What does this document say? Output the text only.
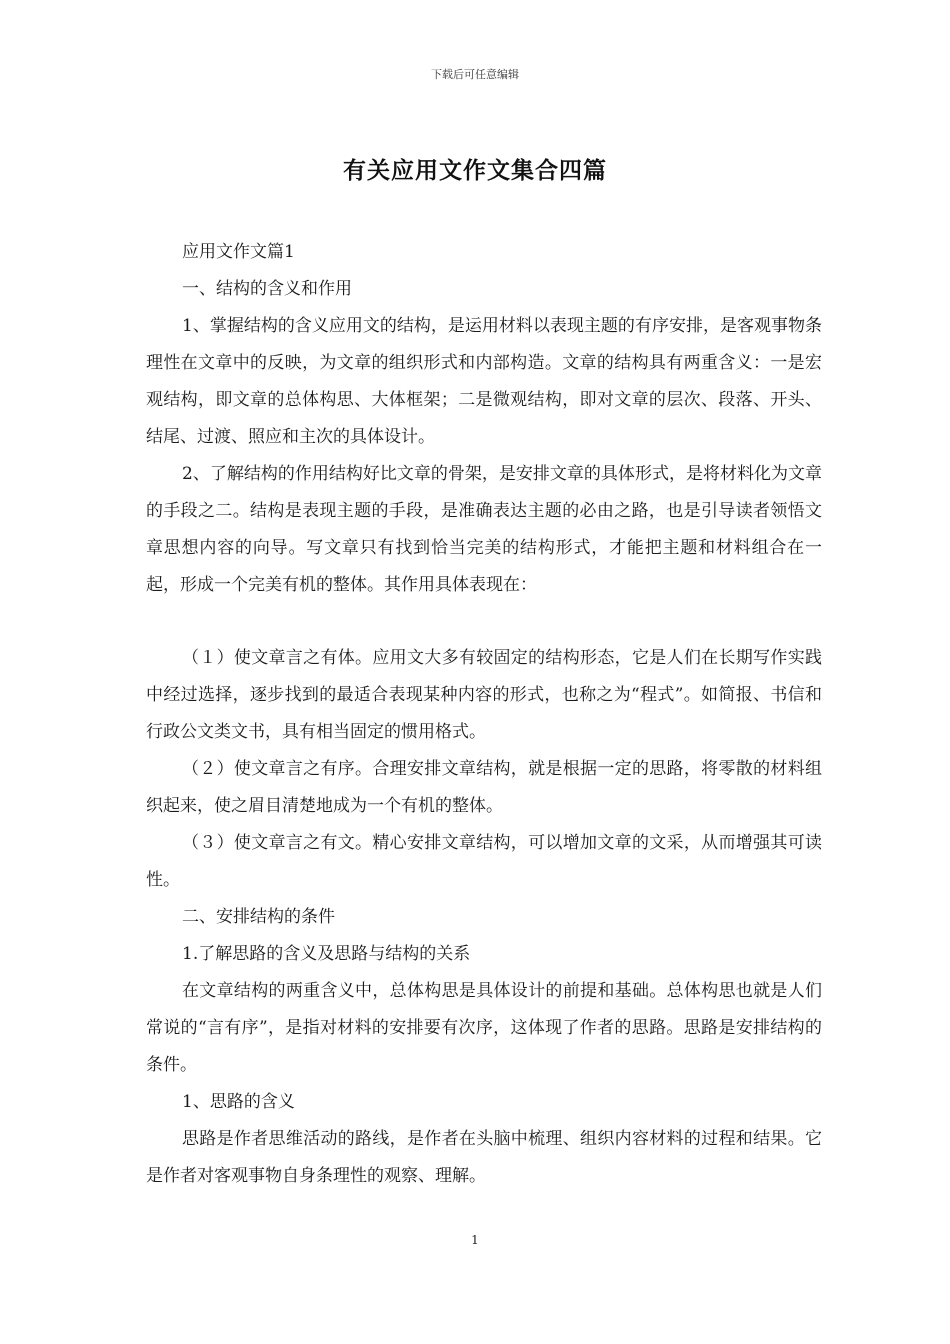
下载后可任意编辑
有关应用文作文集合四篇

应用文作文篇1

一、结构的含义和作用

1、掌握结构的含义应用文的结构，是运用材料以表现主题的有序安排，是客观事物条理性在文章中的反映，为文章的组织形式和内部构造。文章的结构具有两重含义：一是宏观结构，即文章的总体构思、大体框架；二是微观结构，即对文章的层次、段落、开头、结尾、过渡、照应和主次的具体设计。

2、了解结构的作用结构好比文章的骨架，是安排文章的具体形式，是将材料化为文章的手段之二。结构是表现主题的手段，是准确表达主题的必由之路，也是引导读者领悟文章思想内容的向导。写文章只有找到恰当完美的结构形式，才能把主题和材料组合在一起，形成一个完美有机的整体。其作用具体表现在：

（１）使文章言之有体。应用文大多有较固定的结构形态，它是人们在长期写作实践中经过选择，逐步找到的最适合表现某种内容的形式，也称之为“程式”。如简报、书信和行政公文类文书，具有相当固定的惯用格式。

（２）使文章言之有序。合理安排文章结构，就是根据一定的思路，将零散的材料组织起来，使之眉目清楚地成为一个有机的整体。

（３）使文章言之有文。精心安排文章结构，可以增加文章的文采，从而增强其可读性。

二、安排结构的条件

1.了解思路的含义及思路与结构的关系

在文章结构的两重含义中，总体构思是具体设计的前提和基础。总体构思也就是人们常说的“言有序”，是指对材料的安排要有次序，这体现了作者的思路。思路是安排结构的条件。

1、思路的含义

思路是作者思维活动的路线，是作者在头脑中梳理、组织内容材料的过程和结果。它是作者对客观事物自身条理性的观察、理解。

1
